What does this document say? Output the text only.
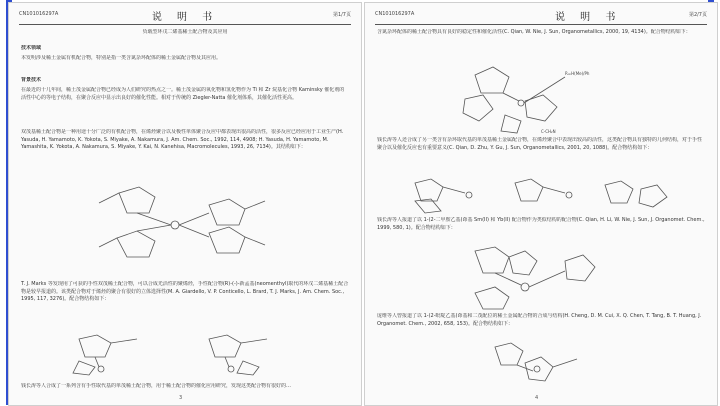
CN101016297A	说 明 书	第1/7页
负载型环戊二烯基稀土配合物及其应用
技术领域
本发明涉及稀土金属有机配合物，特别是指一类含氮杂环配体的稀土金属配合物及其应用。
背景技术
在最近的十几年间，稀土茂金属配合物已经成为人们研究的热点之一。稀土茂金属的氧化物和氢化物作为 Ti 和 Zr 烷基化合物 Kaminsky 催化剂的活性中心的等电子结构，在聚合反应中显示出良好的催化性能。相对于传统的 Ziegler-Natta 催化剂体系，其催化活性更高。
双茂基稀土配合物是一种用途十分广泛的有机配合物，在烯烃聚合以及极性单体聚合反应中都表现出很高的活性，很多反应已经应用于工业生产(H. Yasuda, H. Yamamoto, K. Yokota, S. Miyake, A. Nakamura, J. Am. Chem. Soc., 1992, 114, 4908; H. Yasuda, H. Yamamoto, M. Yamashita, K. Yokota, A. Nakamura, S. Miyake, Y. Kai, N. Kanehisa, Macromolecules, 1993, 26, 7134)。其结构如下：
T. J. Marks 等发现用了可获的手性双茂稀土配合物，可以合成光活性的聚烯烃，手性配合物(R)-(-)-新孟基(neomenthyl)取代的环戊二烯基稀土配合物是较早报道的。该类配合物对于烯烃的聚合有很好的立体选择性(M. A. Giardello, V. P. Conticello, L. Brard, T. J. Marks, J. Am. Chem. Soc., 1995, 117, 3276)。配合物结构如下：
钱长涛等人合成了一系列含有手性取代基的单茂稀土配合物，用于稀土配合物的催化应用研究，发现这类配合物有很好的…
3
CN101016297A	说 明 书	第2/7页
含氮杂环配体的稀土配合物具有良好的稳定性和催化活性(C. Qian, W. Nie, J. Sun, Organometallics, 2000, 19, 4134)。配合物结构如下：
R=H(Me)/Ph
C-CH₂N
钱长涛等人还合成了另一类含有杂环取代基的单茂基稀土金属配合物，在烯烃聚合中表现出较高的活性，这类配合物具有独特的几何结构，对于手性聚合以及催化反应也有重要意义(C. Qian, D. Zhu, Y. Gu, J. Sun, Organometallics, 2001, 20, 1088)。配合物结构如下：
钱长涛等人报道了以 1-(2-二甲胺乙基)茚基 Sm(II) 和 Yb(II) 配合物作为类似结构的配合物(C. Qian, H. Li, W. Nie, J. Sun, J. Organomet. Chem., 1999, 580, 1)。配合物结构如下：
庞维等人曾报道了以 1-(2-吡啶乙基)茚基和二茂配位的稀土金属配合物的合成与结构(H. Cheng, D. M. Cui, X. Q. Chen, T. Tang, B. T. Huang, J. Organomet. Chem., 2002, 658, 153)。配合物结构如下：
4
